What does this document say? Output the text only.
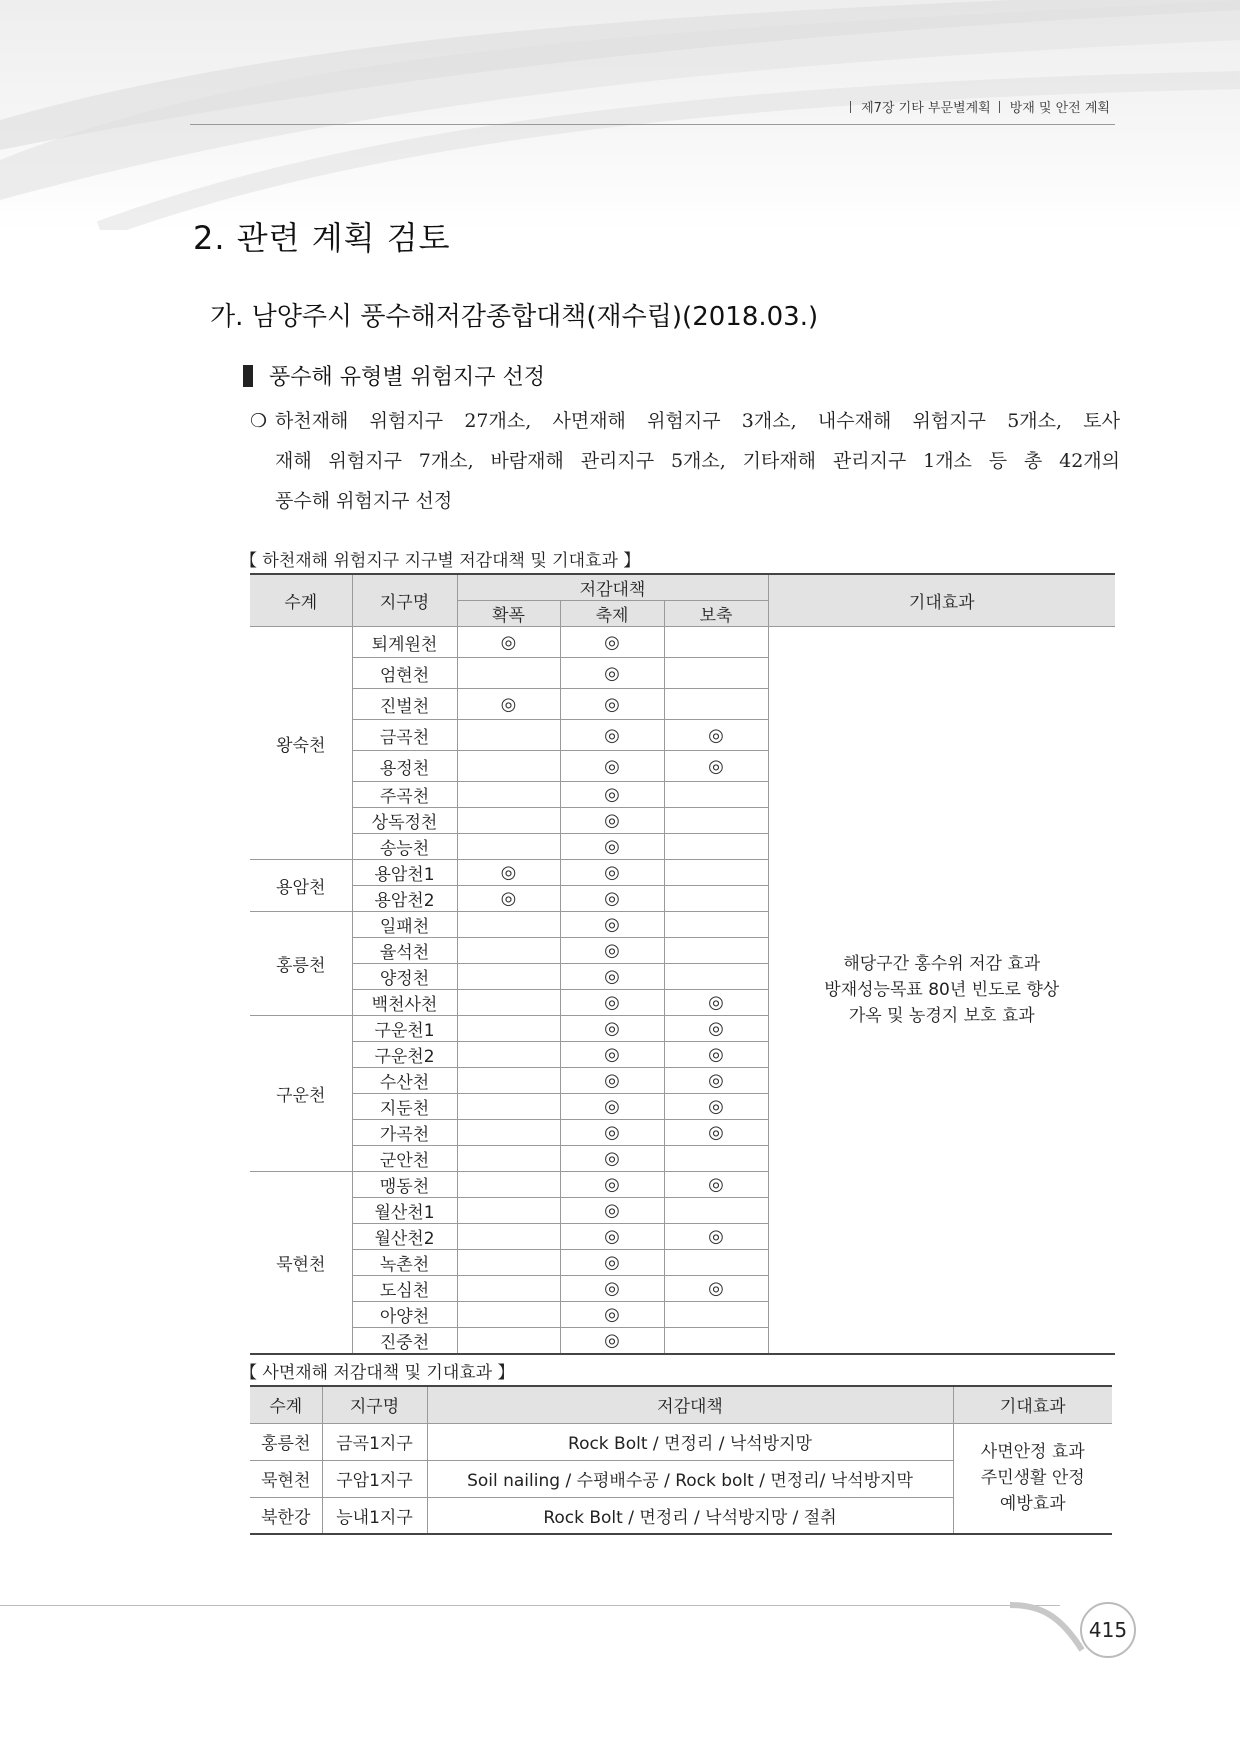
제7장 기타 부문별계획 방재 및 안전 계획
2. 관련 계획 검토
가. 남양주시 풍수해저감종합대책(재수립)(2018.03.)
풍수해 유형별 위험지구 선정
❍ 하천재해 위험지구 27개소, 사면재해 위험지구 3개소, 내수재해 위험지구 5개소, 토사
재해 위험지구 7개소, 바람재해 관리지구 5개소, 기타재해 관리지구 1개소 등 총 42개의
풍수해 위험지구 선정
【 하천재해 위험지구 지구별 저감대책 및 기대효과 】
수계	지구명	저감대책			기대효과
		확폭	축제	보축	
왕숙천	퇴계원천	◎	◎		해당구간 홍수위 저감 효과
방재성능목표 80년 빈도로 향상
가옥 및 농경지 보호 효과

	엄현천		◎		
	진벌천	◎	◎		
	금곡천		◎	◎	
	용정천		◎	◎	
	주곡천		◎		
	상독정천		◎		
	송능천		◎		
용암천	용암천1	◎	◎		
	용암천2	◎	◎		
홍릉천	일패천		◎		
	율석천		◎		
	양정천		◎		
	백천사천		◎	◎	
구운천	구운천1		◎	◎	
	구운천2		◎	◎	
	수산천		◎	◎	
	지둔천		◎	◎	
	가곡천		◎	◎	
	군안천		◎		
묵현천	맹동천		◎	◎	
	월산천1		◎		
	월산천2		◎	◎	
	녹촌천		◎		
	도심천		◎	◎	
	아양천		◎		
	진중천		◎		
【 사면재해 저감대책 및 기대효과 】
수계	지구명	저감대책	기대효과
홍릉천	금곡1지구	Rock Bolt / 면정리 / 낙석방지망	사면안정 효과
주민생활 안정
예방효과

묵현천	구암1지구	Soil nailing / 수평배수공 / Rock bolt / 면정리/ 낙석방지막	
북한강	능내1지구	Rock Bolt / 면정리 / 낙석방지망 / 절취	
415
